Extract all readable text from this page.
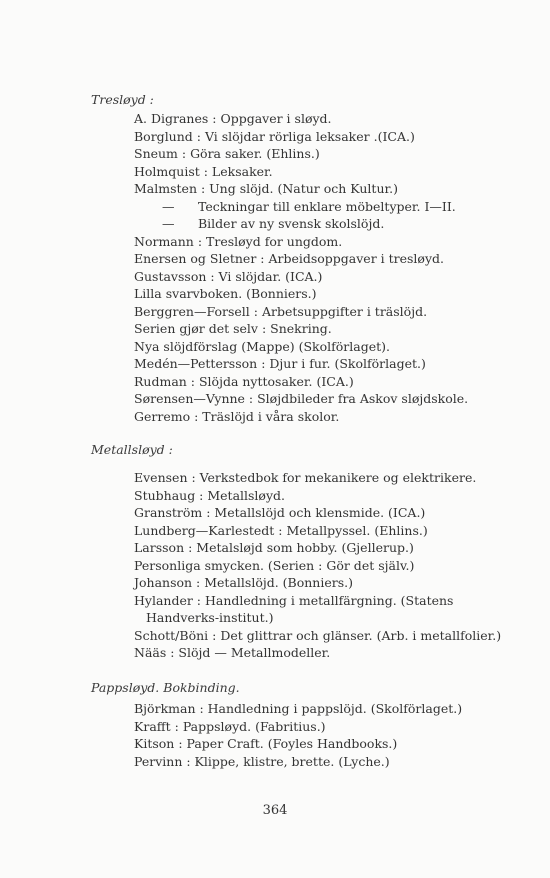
Tresløyd :
A. Digranes : Oppgaver i sløyd.
Borglund : Vi slöjdar rörliga leksaker .(ICA.)
Sneum : Göra saker. (Ehlins.)
Holmquist : Leksaker.
Malmsten : Ung slöjd. (Natur och Kultur.)
— Teckningar till enklare möbeltyper. I—II.
— Bilder av ny svensk skolslöjd.
Normann : Tresløyd for ungdom.
Enersen og Sletner : Arbeidsoppgaver i tresløyd.
Gustavsson : Vi slöjdar. (ICA.)
Lilla svarvboken. (Bonniers.)
Berggren—Forsell : Arbetsuppgifter i träslöjd.
Serien gjør det selv : Snekring.
Nya slöjdförslag (Mappe) (Skolförlaget).
Medén—Pettersson : Djur i fur. (Skolförlaget.)
Rudman : Slöjda nyttosaker. (ICA.)
Sørensen—Vynne : Sløjdbileder fra Askov sløjdskole.
Gerremo : Träslöjd i våra skolor.
Metallsløyd :
Evensen : Verkstedbok for mekanikere og elektrikere.
Stubhaug : Metallsløyd.
Granström : Metallslöjd och klensmide. (ICA.)
Lundberg—Karlestedt : Metallpyssel. (Ehlins.)
Larsson : Metalsløjd som hobby. (Gjellerup.)
Personliga smycken. (Serien : Gör det själv.)
Johanson : Metallslöjd. (Bonniers.)
Hylander : Handledning i metallfärgning. (Statens Handverks-institut.)
Schott/Böni : Det glittrar och glänser. (Arb. i metallfolier.)
Nääs : Slöjd — Metallmodeller.
Pappsløyd. Bokbinding.
Björkman : Handledning i pappslöjd. (Skolförlaget.)
Krafft : Pappsløyd. (Fabritius.)
Kitson : Paper Craft. (Foyles Handbooks.)
Pervinn : Klippe, klistre, brette. (Lyche.)
364
